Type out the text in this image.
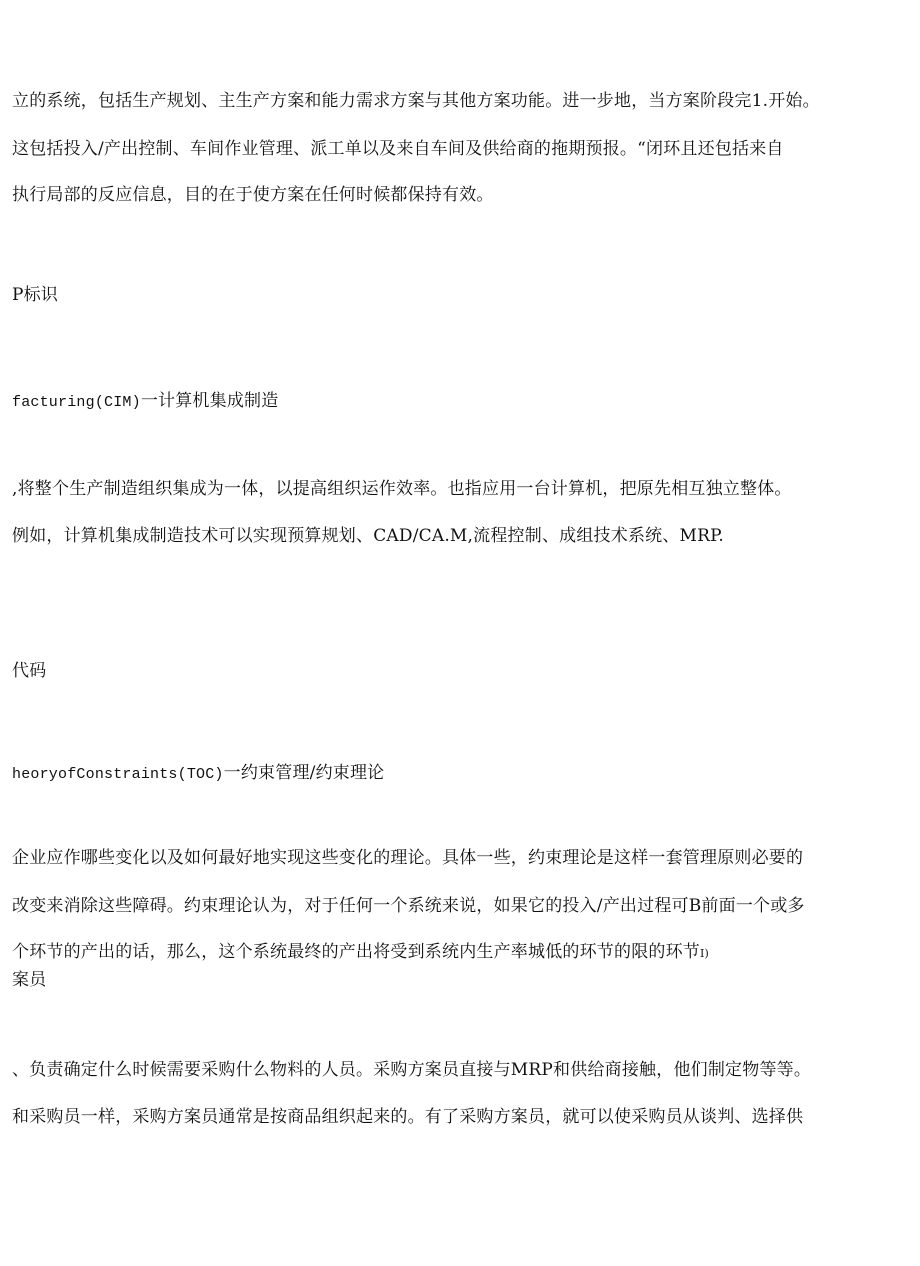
立的系统，包括生产规划、主生产方案和能力需求方案与其他方案功能。进一步地，当方案阶段完1.开始。
这包括投入/产出控制、车间作业管理、派工单以及来自车间及供给商的拖期预报。“闭环且还包括来自
执行局部的反应信息，目的在于使方案在任何时候都保持有效。
P标识
facturing(CIM)一计算机集成制造
,将整个生产制造组织集成为一体，以提高组织运作效率。也指应用一台计算机，把原先相互独立整体。
例如，计算机集成制造技术可以实现预算规划、CAD/CA.M,流程控制、成组技术系统、MRP.
代码
heoryofConstraints(TOC)一约束管理/约束理论
企业应作哪些变化以及如何最好地实现这些变化的理论。具体一些，约束理论是这样一套管理原则必要的
改变来消除这些障碍。约束理论认为，对于任何一个系统来说，如果它的投入/产出过程可B前面一个或多
个环节的产出的话，那么，这个系统最终的产出将受到系统内生产率城低的环节的限的环节I)
案员
、负责确定什么时候需要采购什么物料的人员。采购方案员直接与MRP和供给商接触，他们制定物等等。
和采购员一样，采购方案员通常是按商品组织起来的。有了采购方案员，就可以使采购员从谈判、选择供
